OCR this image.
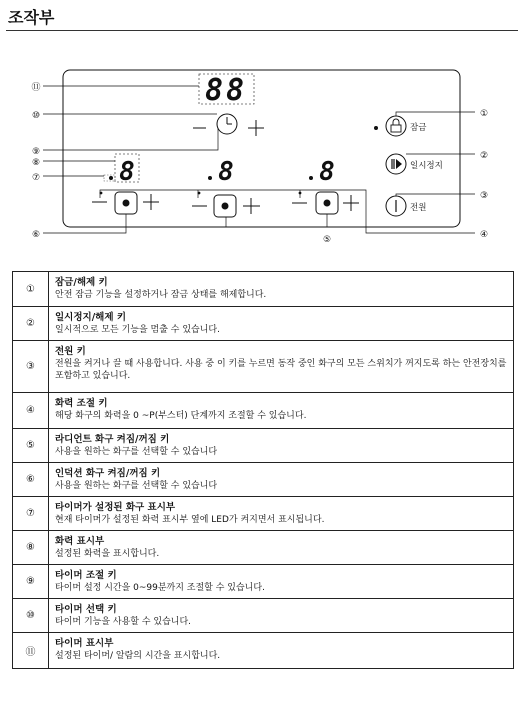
조작부
88
8	8	8
잠금
일시정지
전원
⑪
⑩
⑨
⑧
⑦
⑥	⑤	④
①
②
③
①	잠금/해제 키
안전 잠금 기능을 설정하거나 잠금 상태를 해제합니다.

②	일시정지/해제 키
일시적으로 모든 기능을 멈출 수 있습니다.

③	전원 키
전원을 켜거나 끌 때 사용합니다. 사용 중 이 키를 누르면 동작 중인 화구의 모든 스위치가 꺼지도록 하는 안전장치를 포함하고 있습니다.

④	화력 조절 키
해당 화구의 화력을 0 ~P(부스터) 단계까지 조절할 수 있습니다.

⑤	라디언트 화구 켜짐/꺼짐 키
사용을 원하는 화구를 선택할 수 있습니다

⑥	인덕션 화구 켜짐/꺼짐 키
사용을 원하는 화구를 선택할 수 있습니다

⑦	타이머가 설정된 화구 표시부
현재 타이머가 설정된 화력 표시부 옆에 LED가 켜지면서 표시됩니다.

⑧	화력 표시부
설정된 화력을 표시합니다.

⑨	타이머 조절 키
타이머 설정 시간을 0~99분까지 조절할 수 있습니다.

⑩	타이머 선택 키
타이머 기능을 사용할 수 있습니다.

⑪	타이머 표시부
설정된 타이머/ 알람의 시간을 표시합니다.
